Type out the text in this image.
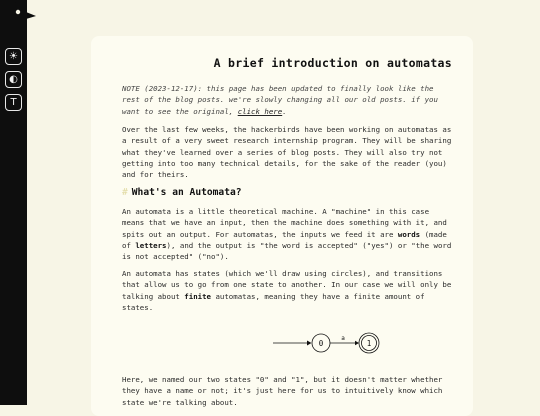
☀
◐
T
A brief introduction on automatas

NOTE (2023-12-17): this page has been updated to finally look like the rest of the blog posts. we're slowly changing all our old posts. if you want to see the original, click here.

Over the last few weeks, the hackerbirds have been working on automatas as a result of a very sweet research internship program. They will be sharing what they've learned over a series of blog posts. They will also try not getting into too many technical details, for the sake of the reader (you) and for theirs.

# What's an Automata?

An automata is a little theoretical machine. A "machine" in this case means that we have an input, then the machine does something with it, and spits out an output. For automatas, the inputs we feed it are words (made of letters), and the output is "the word is accepted" ("yes") or "the word is not accepted" ("no").

An automata has states (which we'll draw using circles), and transitions that allow us to go from one state to another. In our case we will only be talking about finite automatas, meaning they have a finite amount of states.

0
a
1

Here, we named our two states "0" and "1", but it doesn't matter whether they have a name or not; it's just here for us to intuitively know which state we're talking about.
